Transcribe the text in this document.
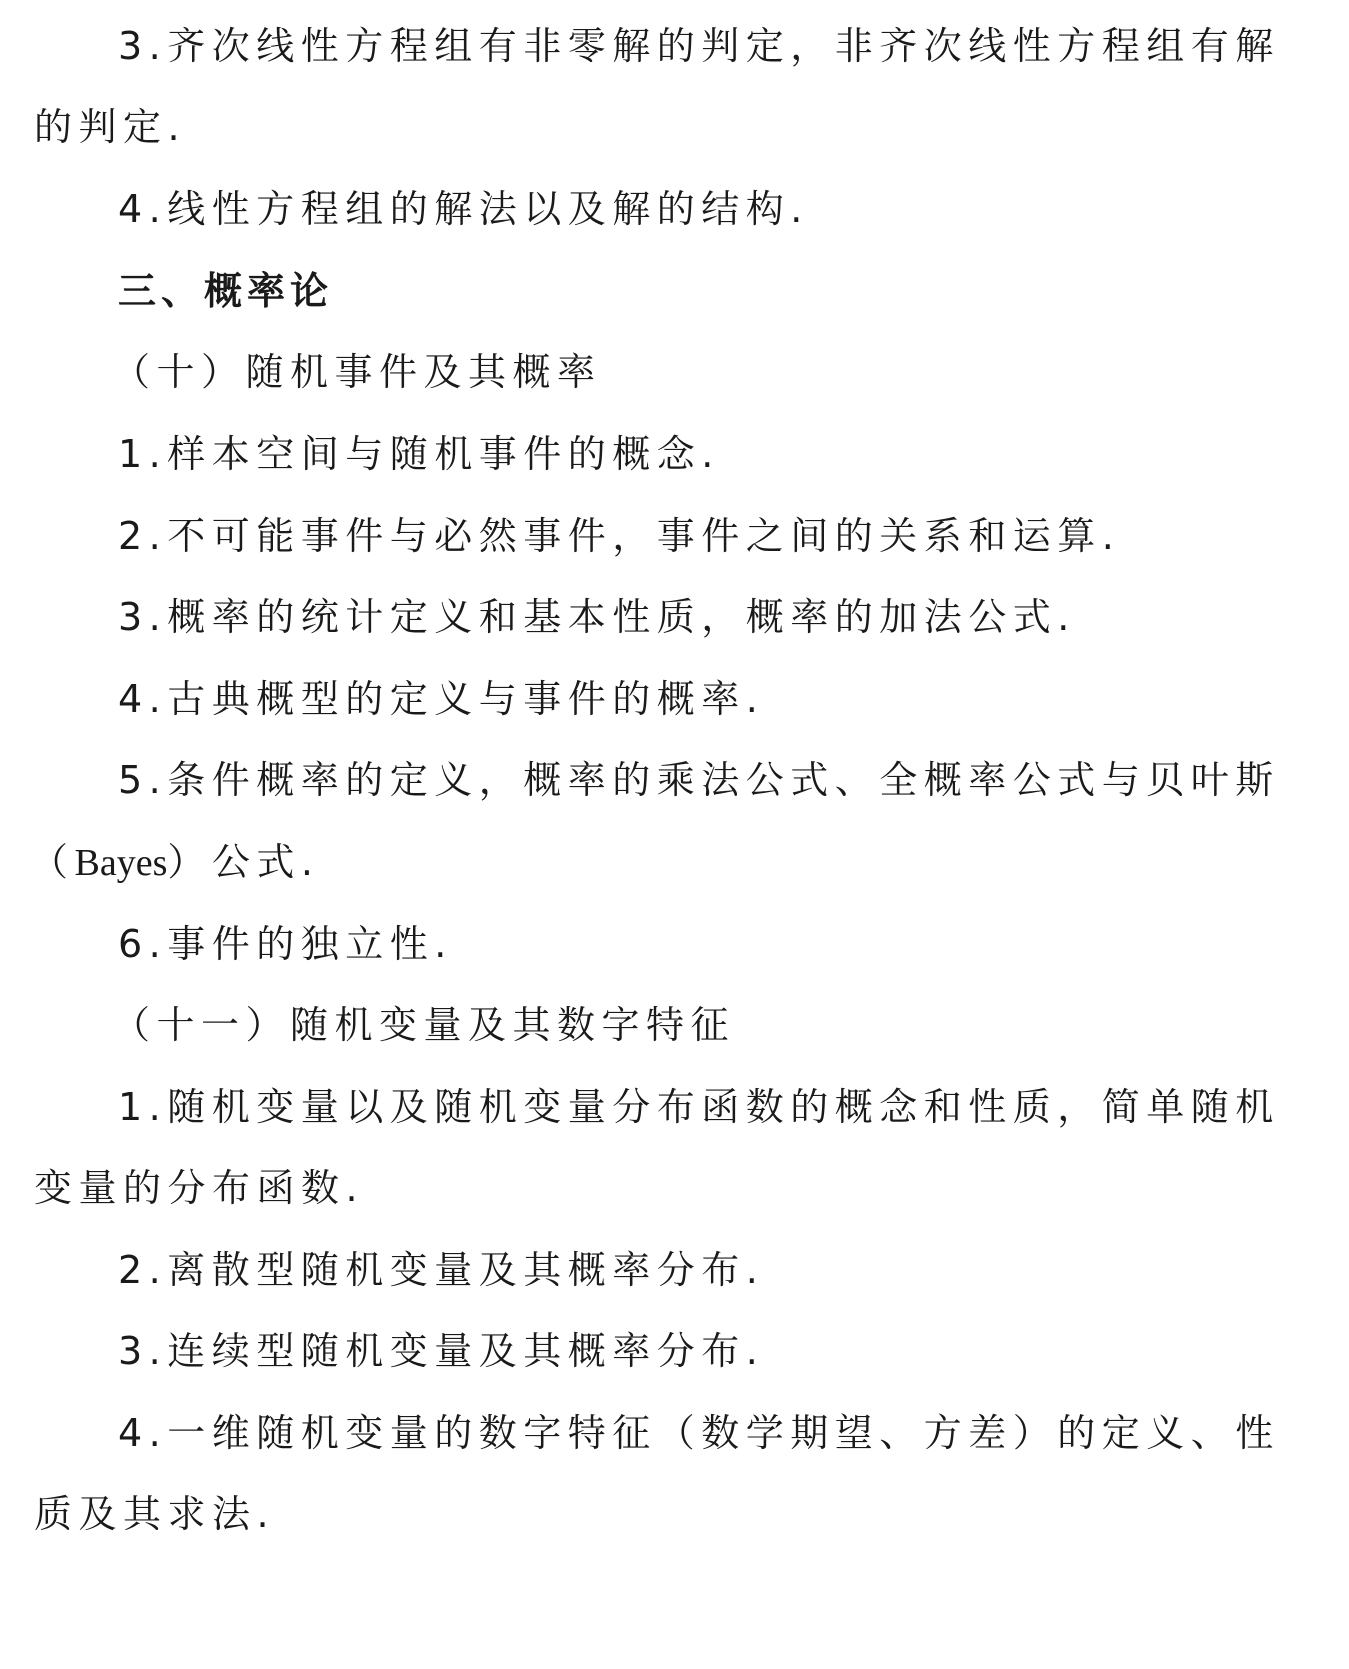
3.齐次线性方程组有非零解的判定，非齐次线性方程组有解
的判定.
4.线性方程组的解法以及解的结构.
三、概率论
（十）随机事件及其概率
1.样本空间与随机事件的概念.
2.不可能事件与必然事件，事件之间的关系和运算.
3.概率的统计定义和基本性质，概率的加法公式.
4.古典概型的定义与事件的概率.
5.条件概率的定义，概率的乘法公式、全概率公式与贝叶斯
（Bayes）公式.
6.事件的独立性.
（十一）随机变量及其数字特征
1.随机变量以及随机变量分布函数的概念和性质，简单随机
变量的分布函数.
2.离散型随机变量及其概率分布.
3.连续型随机变量及其概率分布.
4.一维随机变量的数字特征（数学期望、方差）的定义、性
质及其求法.
